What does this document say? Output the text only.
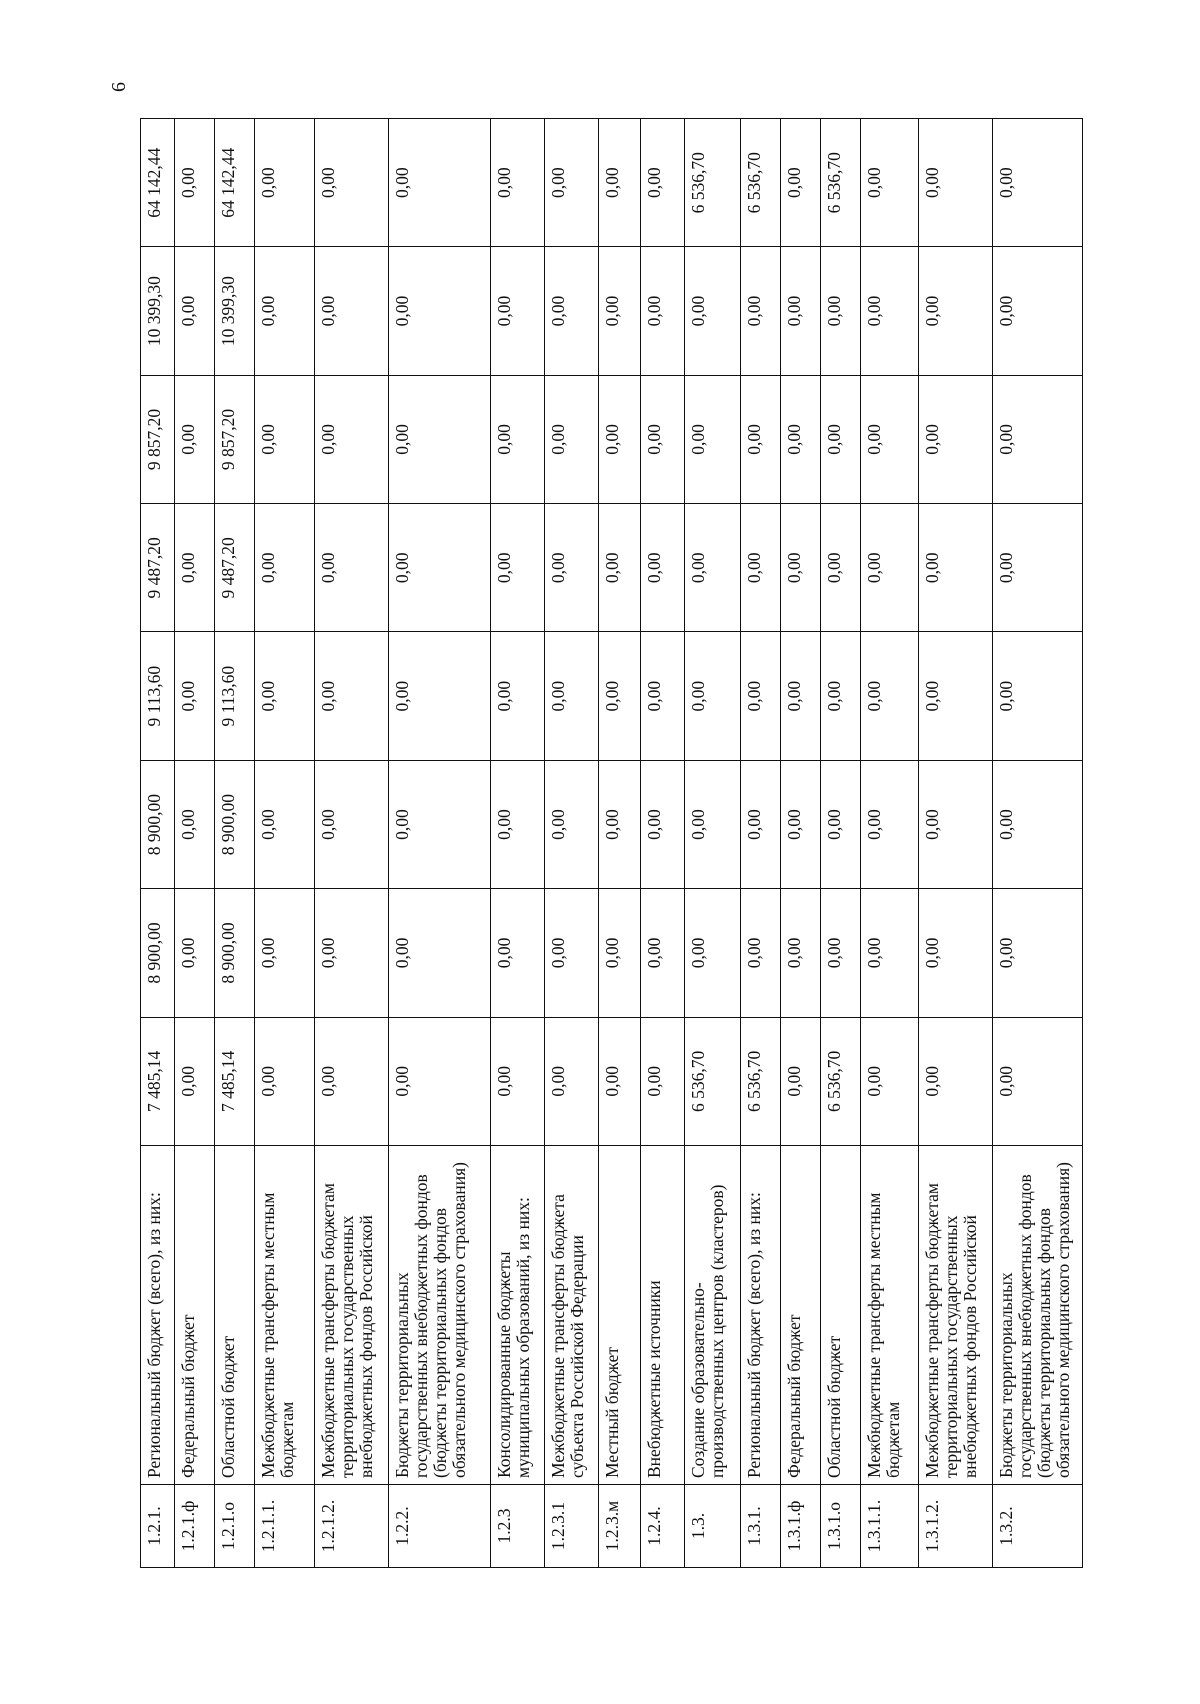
6
1.2.1.	Региональный бюджет (всего), из них:	7 485,14	8 900,00	8 900,00	9 113,60	9 487,20	9 857,20	10 399,30	64 142,44
1.2.1.ф	Федеральный бюджет	0,00	0,00	0,00	0,00	0,00	0,00	0,00	0,00
1.2.1.о	Областной бюджет	7 485,14	8 900,00	8 900,00	9 113,60	9 487,20	9 857,20	10 399,30	64 142,44
1.2.1.1.	Межбюджетные трансферты местным бюджетам	0,00	0,00	0,00	0,00	0,00	0,00	0,00	0,00
1.2.1.2.	Межбюджетные трансферты бюджетам территориальных государственных внебюджетных фондов Российской	0,00	0,00	0,00	0,00	0,00	0,00	0,00	0,00
1.2.2.	Бюджеты территориальных государственных внебюджетных фондов (бюджеты территориальных фондов обязательного медицинского страхования)	0,00	0,00	0,00	0,00	0,00	0,00	0,00	0,00
1.2.3	Консолидированные бюджеты муниципальных образований, из них:	0,00	0,00	0,00	0,00	0,00	0,00	0,00	0,00
1.2.3.1	Межбюджетные трансферты бюджета субъекта Российской Федерации	0,00	0,00	0,00	0,00	0,00	0,00	0,00	0,00
1.2.3.м	Местный бюджет	0,00	0,00	0,00	0,00	0,00	0,00	0,00	0,00
1.2.4.	Внебюджетные источники	0,00	0,00	0,00	0,00	0,00	0,00	0,00	0,00
1.3.	Создание образовательно-производственных центров (кластеров)	6 536,70	0,00	0,00	0,00	0,00	0,00	0,00	6 536,70
1.3.1.	Региональный бюджет (всего), из них:	6 536,70	0,00	0,00	0,00	0,00	0,00	0,00	6 536,70
1.3.1.ф	Федеральный бюджет	0,00	0,00	0,00	0,00	0,00	0,00	0,00	0,00
1.3.1.о	Областной бюджет	6 536,70	0,00	0,00	0,00	0,00	0,00	0,00	6 536,70
1.3.1.1.	Межбюджетные трансферты местным бюджетам	0,00	0,00	0,00	0,00	0,00	0,00	0,00	0,00
1.3.1.2.	Межбюджетные трансферты бюджетам территориальных государственных внебюджетных фондов Российской	0,00	0,00	0,00	0,00	0,00	0,00	0,00	0,00
1.3.2.	Бюджеты территориальных государственных внебюджетных фондов (бюджеты территориальных фондов обязательного медицинского страхования)	0,00	0,00	0,00	0,00	0,00	0,00	0,00	0,00
